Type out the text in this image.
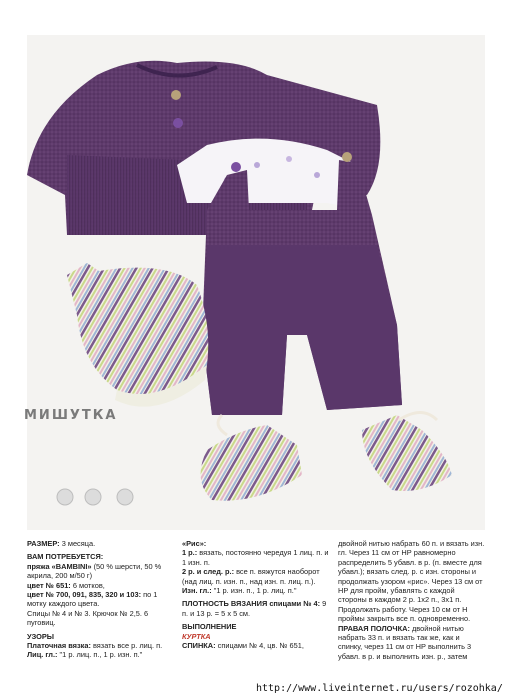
МИШУТКА

РАЗМЕР: 3 месяца.

ВАМ ПОТРЕБУЕТСЯ:

пряжа «BAMBINI» (50 % шерсти, 50 % акрила, 200 м/50 г)

цвет № 651: 6 мотков,

цвет № 700, 091, 835, 320 и 103: по 1 мотку каждого цвета.

Спицы № 4 и № 3. Крючок № 2,5. 6 пуговиц.

УЗОРЫ

Платочная вязка: вязать все р. лиц. п.

Лиц. гл.: "1 р. лиц. п., 1 р. изн. п."

«Рис»:

1 р.: вязать, постоянно чередуя 1 лиц. п. и 1 изн. п.

2 р. и след. р.: все п. вяжутся наоборот (над лиц. п. изн. п., над изн. п. лиц. п.).

Изн. гл.: "1 р. изн. п., 1 р. лиц. п."

ПЛОТНОСТЬ ВЯЗАНИЯ спицами № 4: 9 п. и 13 р. = 5 х 5 см.

ВЫПОЛНЕНИЕ

КУРТКА

СПИНКА: спицами № 4, цв. № 651,

двойной нитью набрать 60 п. и вязать изн. гл. Через 11 см от НР равномерно распределить 5 убавл. в р. (п. вместе для убавл.); вязать след. р. с изн. стороны и продолжать узором «рис». Через 13 см от НР для пройм, убавлять с каждой стороны в каждом 2 р. 1х2 п., 3х1 п. Продолжать работу. Через 10 см от Н проймы закрыть все п. одновременно.

ПРАВАЯ ПОЛОЧКА: двойной нитью набрать 33 п. и вязать так же, как и спинку, через 11 см от НР выполнить 3 убавл. в р. и выполнить изн. р., затем

http://www.liveinternet.ru/users/rozohka/
